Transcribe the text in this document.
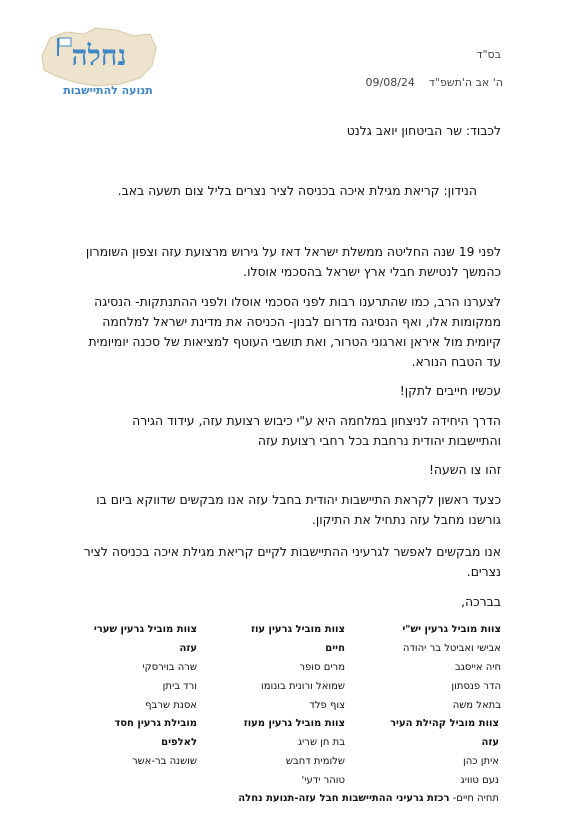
נחלה
תנועה להתיישבות
בס"ד
ה' אב ה'תשפ"ד    09/08/24
לכבוד: שר הביטחון יואב גלנט
הנידון: קריאת מגילת איכה בכניסה לציר נצרים בליל צום תשעה באב.
לפני 19 שנה החליטה ממשלת ישראל דאז על גירוש מרצועת עזה וצפון השומרון כהמשך לנטישת חבלי ארץ ישראל בהסכמי אוסלו.
לצערנו הרב, כמו שהתרענו רבות לפני הסכמי אוסלו ולפני ההתנתקות- הנסיגה ממקומות אלו, ואף הנסיגה מדרום לבנון- הכניסה את מדינת ישראל למלחמה קיומית מול איראן וארגוני הטרור, ואת תושבי העוטף למציאות של סכנה יומיומית עד הטבח הנורא.
עכשיו חייבים לתקן!
הדרך היחידה לניצחון במלחמה היא ע"י כיבוש רצועת עזה, עידוד הגירה והתיישבות יהודית נרחבת בכל רחבי רצועת עזה
זהו צו השעה!
כצעד ראשון לקראת התיישבות יהודית בחבל עזה אנו מבקשים שדווקא ביום בו גורשנו מחבל עזה נתחיל את התיקון.
אנו מבקשים לאפשר לגרעיני ההתיישבות לקיים קריאת מגילת איכה בכניסה לציר נצרים.
בברכה,
צוות מוביל גרעין יש"י
אבישי ואביטל בר יהודה
חיה אייסגב
הדר פנסתון
בתאל משה
צוות מוביל גרעין עוז חיים
מרים סופר
שמואל ורונית בונומו
צוף פלד
צוות מוביל גרעין שערי עזה
שרה בוירסקי
ורד ביתן
אסנת שרבף
צוות מוביל קהילת העיר עזה
איתן כהן
נעם טוויג
צוות מוביל גרעין מעוז
בת חן שריג
שלומית דחבש
טוהר ידעי'
מובילת גרעין חסד לאלפים
שושנה בר-אשר
תחיה חיים- רכזת גרעיני ההתיישבות חבל עזה-תנועת נחלה
